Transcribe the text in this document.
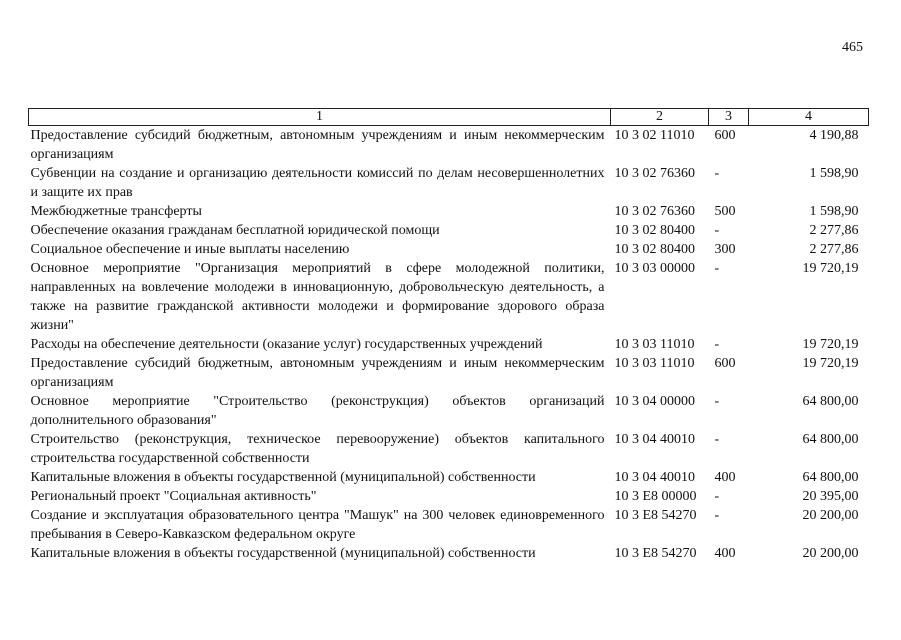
465
1	2	3	4
Предоставление субсидий бюджетным, автономным учреждениям и иным некоммерческим организациям	10 3 02 11010	600	4 190,88
Субвенции на создание и организацию деятельности комиссий по делам несовершеннолетних и защите их прав	10 3 02 76360	-	1 598,90
Межбюджетные трансферты	10 3 02 76360	500	1 598,90
Обеспечение оказания гражданам бесплатной юридической помощи	10 3 02 80400	-	2 277,86
Социальное обеспечение и иные выплаты населению	10 3 02 80400	300	2 277,86
Основное мероприятие "Организация мероприятий в сфере молодежной политики, направленных на вовлечение молодежи в инновационную, добровольческую деятельность, а также на развитие гражданской активности молодежи и формирование здорового образа жизни"	10 3 03 00000	-	19 720,19
Расходы на обеспечение деятельности (оказание услуг) государственных учреждений	10 3 03 11010	-	19 720,19
Предоставление субсидий бюджетным, автономным учреждениям и иным некоммерческим организациям	10 3 03 11010	600	19 720,19
Основное мероприятие "Строительство (реконструкция) объектов организаций дополнительного образования"	10 3 04 00000	-	64 800,00
Строительство (реконструкция, техническое перевооружение) объектов капитального строительства государственной собственности	10 3 04 40010	-	64 800,00
Капитальные вложения в объекты государственной (муниципальной) собственности	10 3 04 40010	400	64 800,00
Региональный проект "Социальная активность"	10 3 E8 00000	-	20 395,00
Создание и эксплуатация образовательного центра "Машук" на 300 человек единовременного пребывания в Северо-Кавказском федеральном округе	10 3 E8 54270	-	20 200,00
Капитальные вложения в объекты государственной (муниципальной) собственности	10 3 E8 54270	400	20 200,00
